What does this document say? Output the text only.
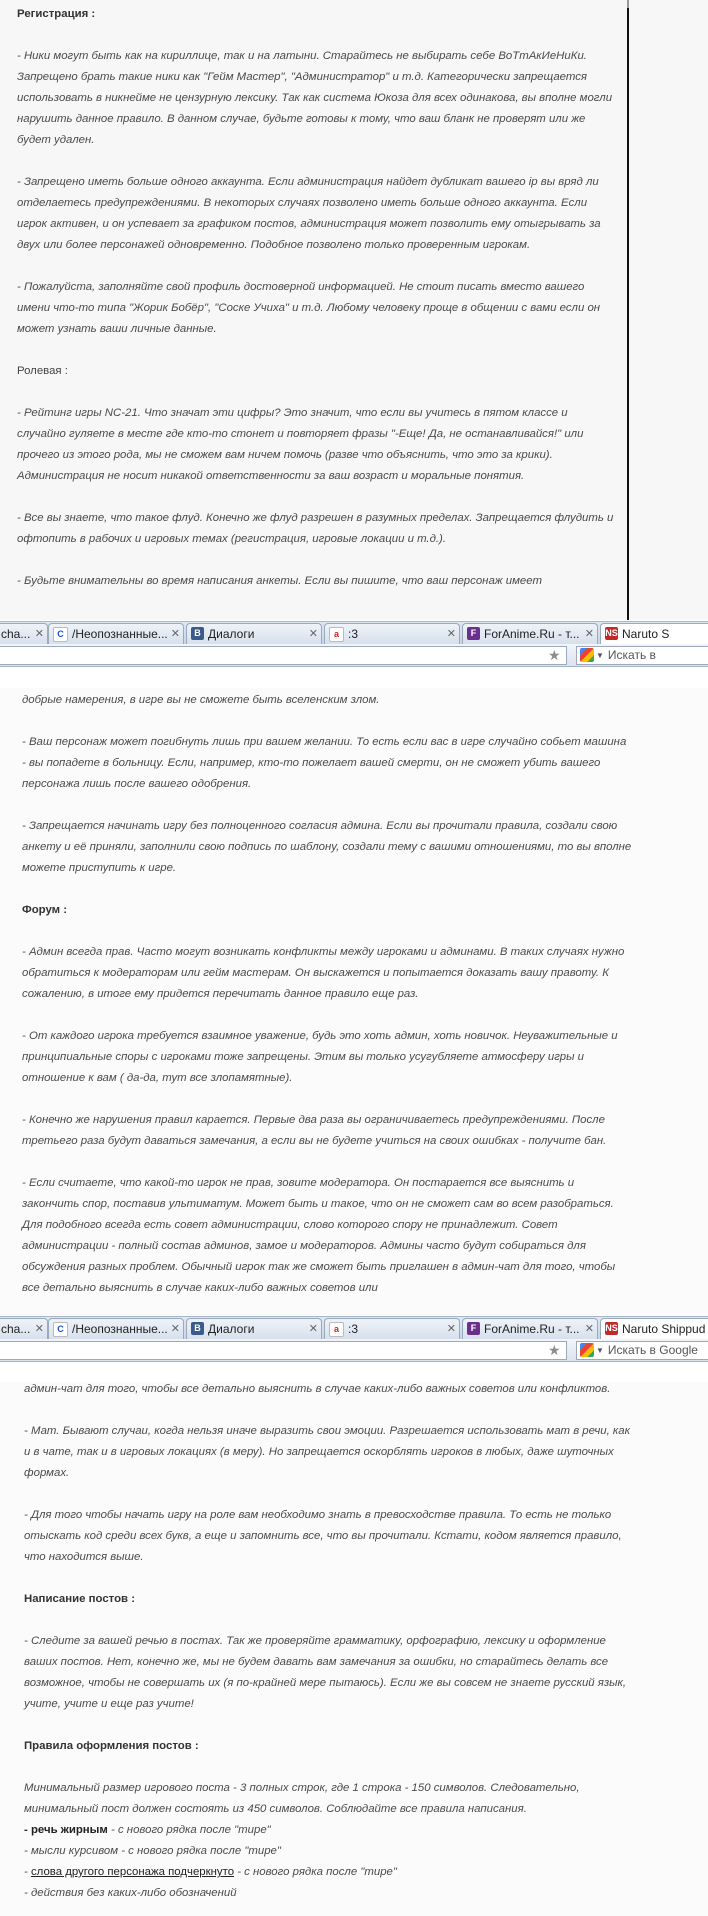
Регистрация :

- Ники могут быть как на кириллице, так и на латыни. Старайтесь не выбирать себе ВоТтАкИеНиКи. Запрещено брать такие ники как "Гейм Мастер", "Администратор" и т.д. Категорически запрещается использовать в никнейме не цензурную лексику. Так как система Юкоза для всех одинакова, вы вполне могли нарушить данное правило. В данном случае, будьте готовы к тому, что ваш бланк не проверят или же будет удален.

- Запрещено иметь больше одного аккаунта. Если администрация найдет дубликат вашего ip вы вряд ли отделаетесь предупреждениями. В некоторых случаях позволено иметь больше одного аккаунта. Если игрок активен, и он успевает за графиком постов, администрация может позволить ему отыгрывать за двух или более персонажей одновременно. Подобное позволено только проверенным игрокам.

- Пожалуйста, заполняйте свой профиль достоверной информацией. Не стоит писать вместо вашего имени что-то типа "Жорик Бобёр", "Соске Учиха" и т.д. Любому человеку проще в общении с вами если он может узнать ваши личные данные.

Ролевая :

- Рейтинг игры NC-21. Что значат эти цифры? Это значит, что если вы учитесь в пятом классе и случайно гуляете в месте где кто-то стонет и повторяет фразы "-Еще! Да, не останавливайся!" или прочего из этого рода, мы не сможем вам ничем помочь (разве что объяснить, что это за крики). Администрация не носит никакой ответственности за ваш возраст и моральные понятия.

- Все вы знаете, что такое флуд. Конечно же флуд разрешен в разумных пределах. Запрещается флудить и офтопить в рабочих и игровых темах (регистрация, игровые локации и т.д.).

- Будьте внимательны во время написания анкеты. Если вы пишите, что ваш персонаж имеет

cha... ✕	C /Неопознанные... ✕	В Диалоги	✕	a :3	✕	F ForAnime.Ru - т... ✕	NS Naruto S
★	▼ Искать в

добрые намерения, в игре вы не сможете быть вселенским злом.

- Ваш персонаж может погибнуть лишь при вашем желании. То есть если вас в игре случайно собьет машина - вы попадете в больницу. Если, например, кто-то пожелает вашей смерти, он не сможет убить вашего персонажа лишь после вашего одобрения.

- Запрещается начинать игру без полноценного согласия админа. Если вы прочитали правила, создали свою анкету и её приняли, заполнили свою подпись по шаблону, создали тему с вашими отношениями, то вы вполне можете приступить к игре.

Форум :

- Админ всегда прав. Часто могут возникать конфликты между игроками и админами. В таких случаях нужно обратиться к модераторам или гейм мастерам. Он выскажется и попытается доказать вашу правоту. К сожалению, в итоге ему придется перечитать данное правило еще раз.

- От каждого игрока требуется взаимное уважение, будь это хоть админ, хоть новичок. Неуважительные и принципиальные споры с игроками тоже запрещены. Этим вы только усугубляете атмосферу игры и отношение к вам ( да-да, тут все злопамятные).

- Конечно же нарушения правил карается. Первые два раза вы ограничиваетесь предупреждениями. После третьего раза будут даваться замечания, а если вы не будете учиться на своих ошибках - получите бан.

- Если считаете, что какой-то игрок не прав, зовите модератора. Он постарается все выяснить и закончить спор, поставив ультиматум. Может быть и такое, что он не сможет сам во всем разобраться. Для подобного всегда есть совет администрации, слово которого спору не принадлежит. Совет администрации - полный состав админов, замое и модераторов. Админы часто будут собираться для обсуждения разных проблем. Обычный игрок так же сможет быть приглашен в админ-чат для того, чтобы все детально выяснить в случае каких-либо важных советов или

cha... ✕	C /Неопознанные... ✕	В Диалоги	✕	a :3	✕	F ForAnime.Ru - т... ✕	NS Naruto Shippud
★	▼ Искать в Google

админ-чат для того, чтобы все детально выяснить в случае каких-либо важных советов или конфликтов.

- Мат. Бывают случаи, когда нельзя иначе выразить свои эмоции. Разрешается использовать мат в речи, как и в чате, так и в игровых локациях (в меру). Но запрещается оскорблять игроков в любых, даже шуточных формах.

- Для того чтобы начать игру на роле вам необходимо знать в превосходстве правила. То есть не только отыскать код среди всех букв, а еще и запомнить все, что вы прочитали. Кстати, кодом является правило, что находится выше.

Написание постов :

- Следите за вашей речью в постах. Так же проверяйте грамматику, орфографию, лексику и оформление ваших постов. Нет, конечно же, мы не будем давать вам замечания за ошибки, но старайтесь делать все возможное, чтобы не совершать их (я по-крайней мере пытаюсь). Если же вы совсем не знаете русский язык, учите, учите и еще раз учите!

Правила оформления постов :

Минимальный размер игрового поста - 3 полных строк, где 1 строка - 150 символов. Следовательно, минимальный пост должен состоять из 450 символов. Соблюдайте все правила написания.

- речь жирным - с нового рядка после "тире"
- мысли курсивом - с нового рядка после "тире"
- слова другого персонажа подчеркнуто - с нового рядка после "тире"
- действия без каких-либо обозначений
